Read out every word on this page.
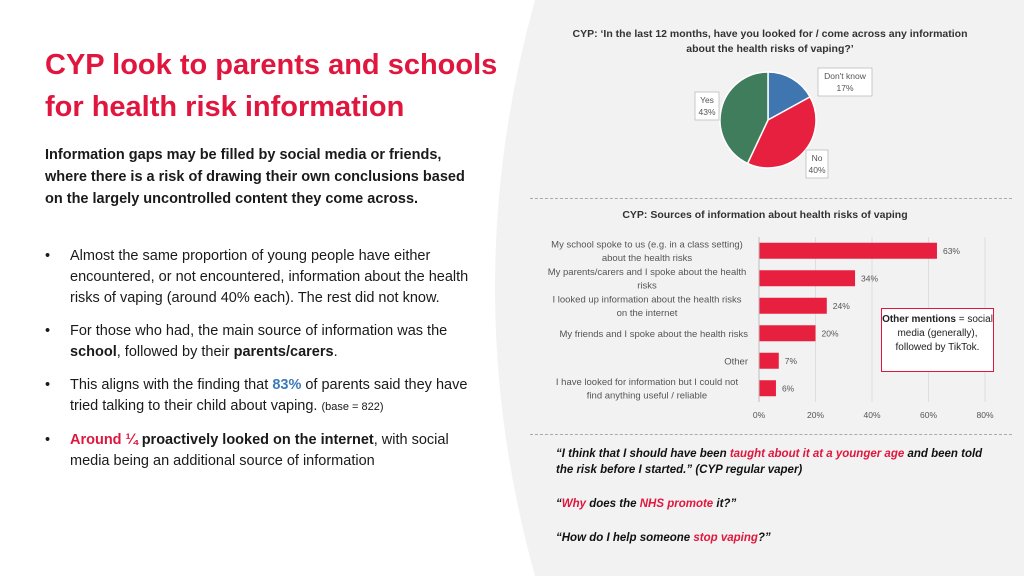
CYP look to parents and schools for health risk information

Information gaps may be filled by social media or friends, where there is a risk of drawing their own conclusions based on the largely uncontrolled content they come across.

• Almost the same proportion of young people have either encountered, or not encountered, information about the health risks of vaping (around 40% each). The rest did not know.
• For those who had, the main source of information was the school, followed by their parents/carers.
• This aligns with the finding that 83% of parents said they have tried talking to their child about vaping. (base = 822)
• Around ¼ proactively looked on the internet, with social media being an additional source of information
CYP: ‘In the last 12 months, have you looked for / come across any information about the health risks of vaping?’
Don't know
17%
No
40%
Yes
43%
CYP: Sources of information about health risks of vaping
0%	20%	40%	60%	80%
63%
My school spoke to us (e.g. in a class setting)
about the health risks
34%
My parents/carers and I spoke about the health
risks
24%
I looked up information about the health risks
on the internet
20%
My friends and I spoke about the health risks
7%
Other
6%
I have looked for information but I could not
find anything useful / reliable
Other mentions = social media (generally), followed by TikTok.

“I think that I should have been taught about it at a younger age and been told the risk before I started.” (CYP regular vaper)

“Why does the NHS promote it?”

“How do I help someone stop vaping?”
